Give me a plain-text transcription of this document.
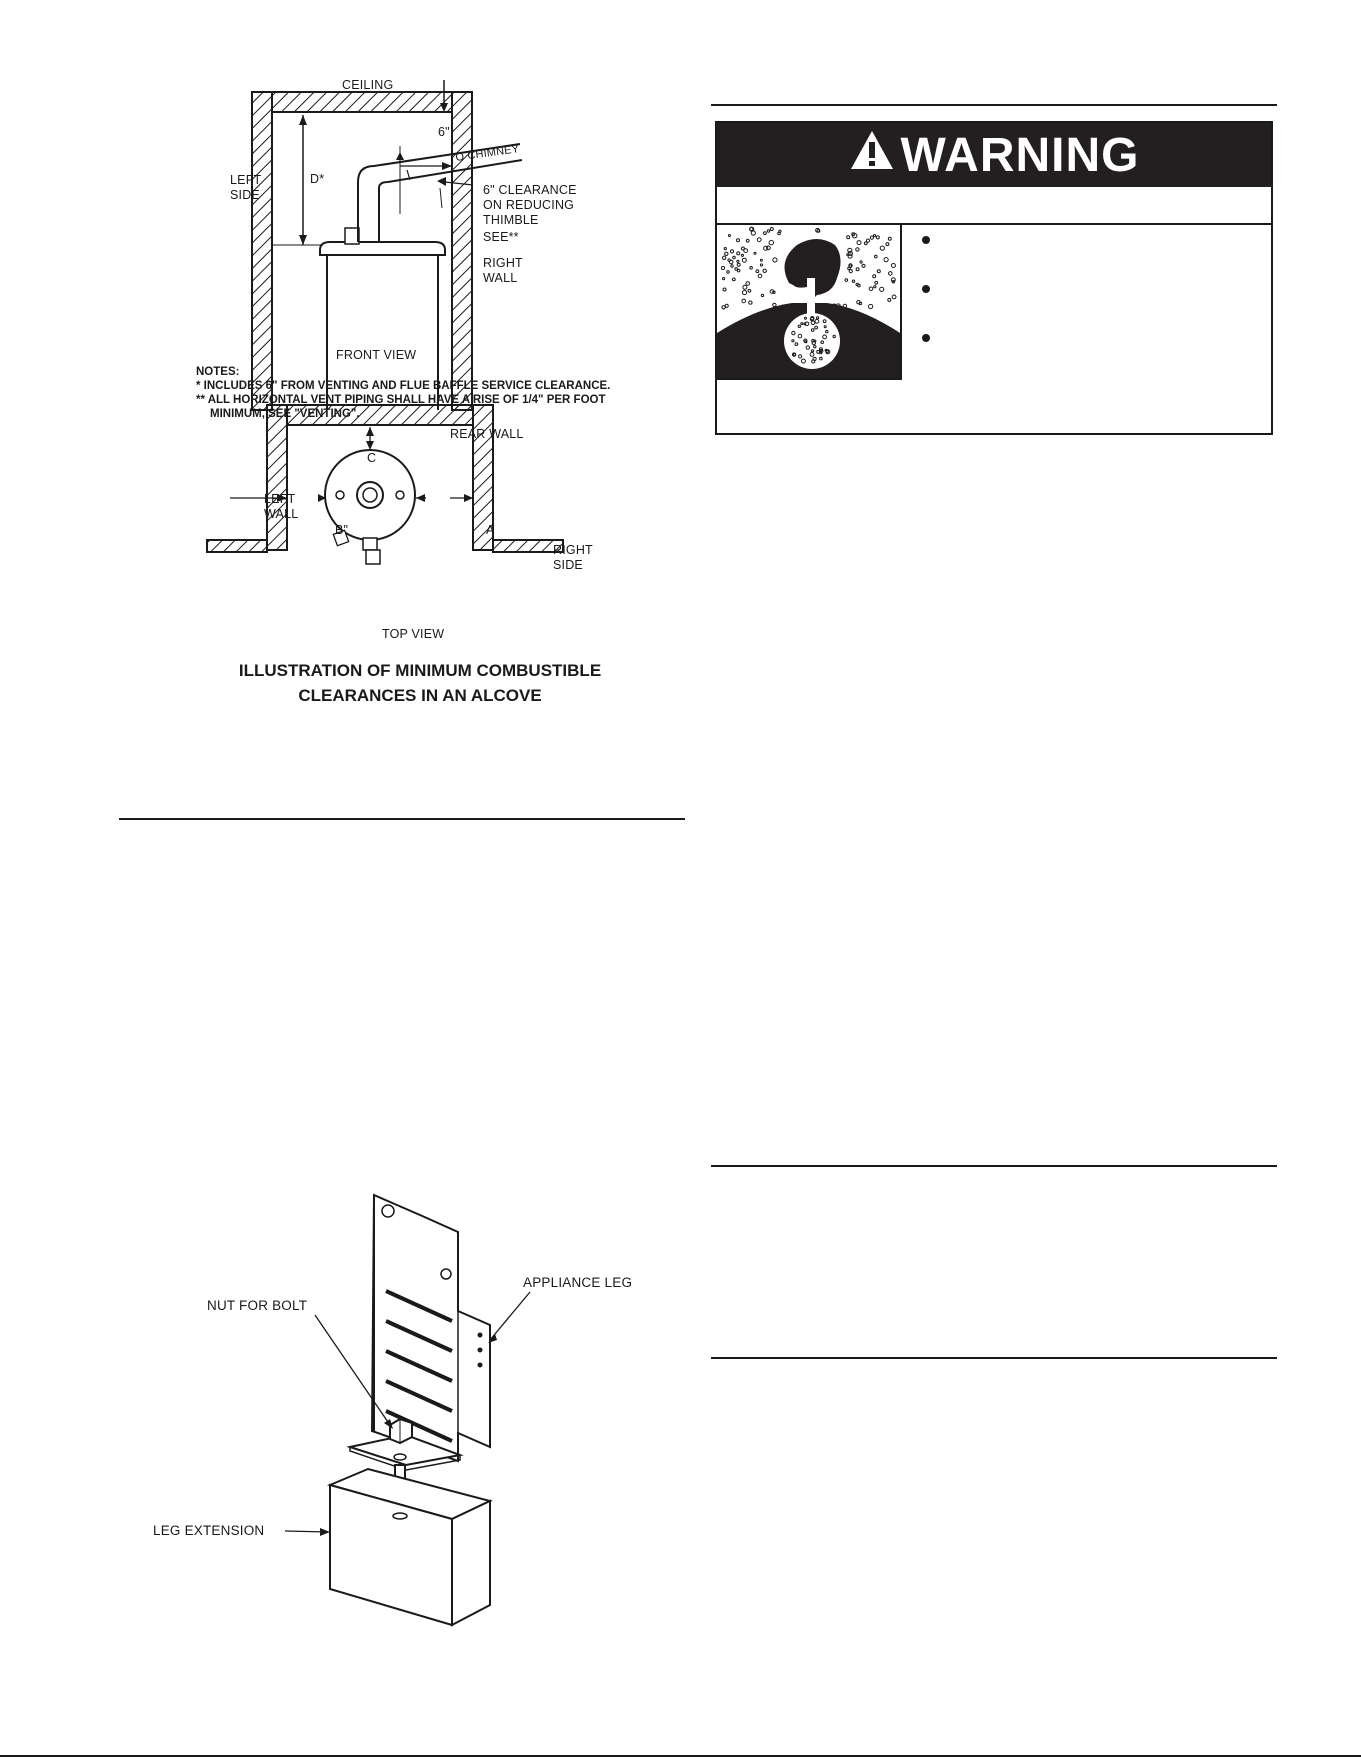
CEILING
LEFT
SIDE
D*
6"
TO CHIMNEY
6" CLEARANCE
ON REDUCING
THIMBLE
SEE**
RIGHT
WALL
FRONT VIEW
NOTES:
* INCLUDES 6" FROM VENTING AND FLUE BAFFLE SERVICE CLEARANCE.
** ALL HORIZONTAL VENT PIPING SHALL HAVE A RISE OF 1/4" PER FOOT
MINIMUM, SEE "VENTING".
REAR WALL
C
LEFT
WALL
B"	A
RIGHT
SIDE
TOP VIEW
ILLUSTRATION OF MINIMUM COMBUSTIBLE
CLEARANCES IN AN ALCOVE
APPLIANCE LEG
NUT FOR BOLT
LEG EXTENSION
WARNING
